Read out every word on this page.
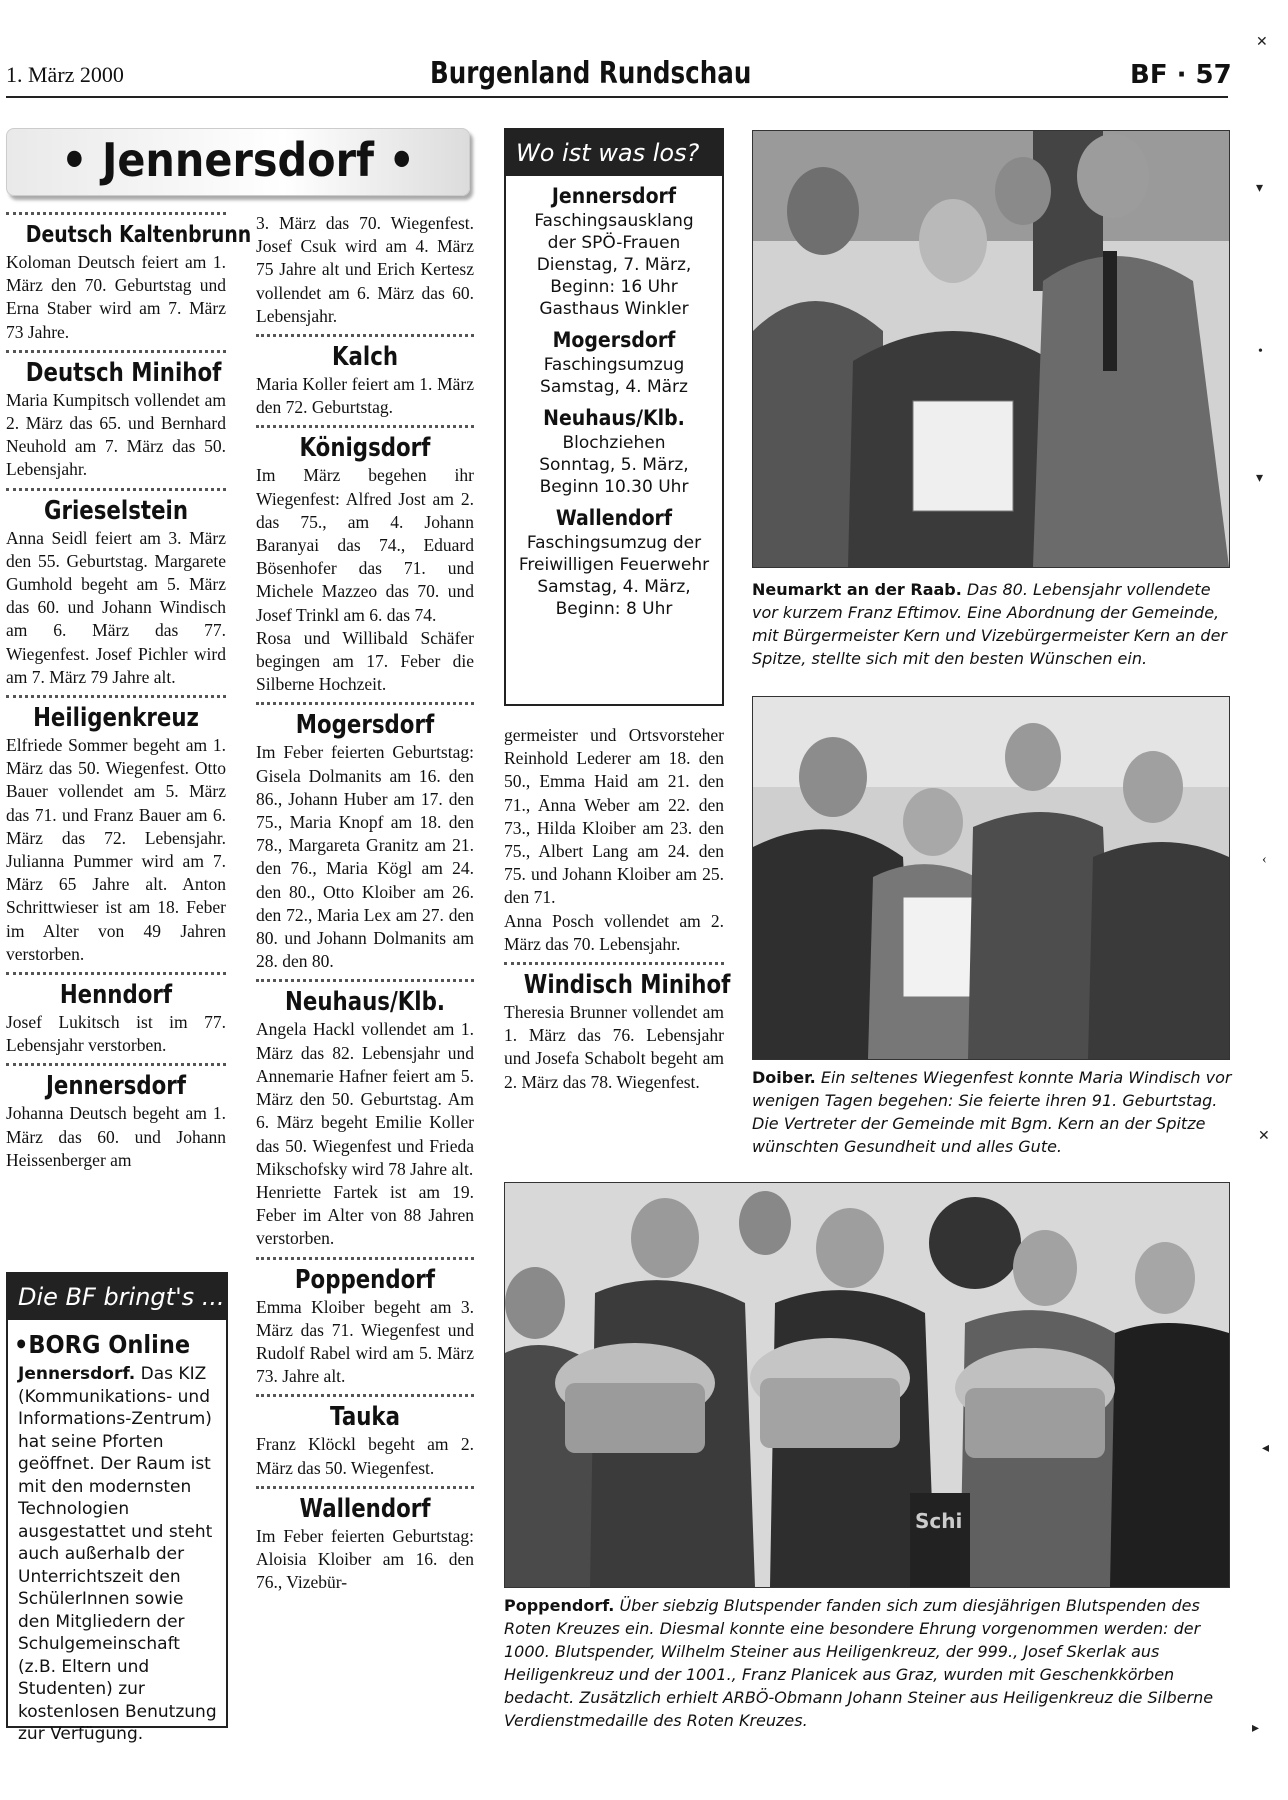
1. März 2000	Burgenland Rundschau	BF · 57
• Jennersdorf •
Deutsch Kaltenbrunn

Koloman Deutsch feiert am 1. März den 70. Geburtstag und Erna Staber wird am 7. März 73 Jahre.

Deutsch Minihof

Maria Kumpitsch vollendet am 2. März das 65. und Bernhard Neuhold am 7. März das 50. Lebensjahr.

Grieselstein

Anna Seidl feiert am 3. März den 55. Geburtstag. Margarete Gumhold begeht am 5. März das 60. und Johann Windisch am 6. März das 77. Wiegenfest. Josef Pichler wird am 7. März 79 Jahre alt.

Heiligenkreuz

Elfriede Sommer begeht am 1. März das 50. Wiegenfest. Otto Bauer vollendet am 5. März das 71. und Franz Bauer am 6. März das 72. Lebensjahr. Julianna Pummer wird am 7. März 65 Jahre alt. Anton Schrittwieser ist am 18. Feber im Alter von 49 Jahren verstorben.

Henndorf

Josef Lukitsch ist im 77. Lebensjahr verstorben.

Jennersdorf

Johanna Deutsch begeht am 1. März das 60. und Johann Heissenberger am

Die BF bringt's ...
•BORG Online

Jennersdorf. Das KIZ (Kommunikations- und Informations-Zentrum) hat seine Pforten geöffnet. Der Raum ist mit den modernsten Technologien ausgestattet und steht auch außerhalb der Unterrichtszeit den SchülerInnen sowie den Mitgliedern der Schulgemeinschaft (z.B. Eltern und Studenten) zur kostenlosen Benutzung zur Verfügung.

3. März das 70. Wiegenfest. Josef Csuk wird am 4. März 75 Jahre alt und Erich Kertesz vollendet am 6. März das 60. Lebensjahr.

Kalch

Maria Koller feiert am 1. März den 72. Geburtstag.

Königsdorf

Im März begehen ihr Wiegenfest: Alfred Jost am 2. das 75., am 4. Johann Baranyai das 74., Eduard Bösenhofer das 71. und Michele Mazzeo das 70. und Josef Trinkl am 6. das 74.

Rosa und Willibald Schäfer begingen am 17. Feber die Silberne Hochzeit.

Mogersdorf

Im Feber feierten Geburtstag: Gisela Dolmanits am 16. den 86., Johann Huber am 17. den 75., Maria Knopf am 18. den 78., Margareta Granitz am 21. den 76., Maria Kögl am 24. den 80., Otto Kloiber am 26. den 72., Maria Lex am 27. den 80. und Johann Dolmanits am 28. den 80.

Neuhaus/Klb.

Angela Hackl vollendet am 1. März das 82. Lebensjahr und Annemarie Hafner feiert am 5. März den 50. Geburtstag. Am 6. März begeht Emilie Koller das 50. Wiegenfest und Frieda Mikschofsky wird 78 Jahre alt.

Henriette Fartek ist am 19. Feber im Alter von 88 Jahren verstorben.

Poppendorf

Emma Kloiber begeht am 3. März das 71. Wiegenfest und Rudolf Rabel wird am 5. März 73. Jahre alt.

Tauka

Franz Klöckl begeht am 2. März das 50. Wiegenfest.

Wallendorf

Im Feber feierten Geburtstag: Aloisia Kloiber am 16. den 76., Vizebür-

Wo ist was los?
Jennersdorf

Faschingsausklang

der SPÖ-Frauen

Dienstag, 7. März,

Beginn: 16 Uhr

Gasthaus Winkler

Mogersdorf

Faschingsumzug

Samstag, 4. März

Neuhaus/Klb.

Blochziehen

Sonntag, 5. März,

Beginn 10.30 Uhr

Wallendorf

Faschingsumzug der

Freiwilligen Feuerwehr

Samstag, 4. März,

Beginn: 8 Uhr

germeister und Ortsvorsteher Reinhold Lederer am 18. den 50., Emma Haid am 21. den 71., Anna Weber am 22. den 73., Hilda Kloiber am 23. den 75., Albert Lang am 24. den 75. und Johann Kloiber am 25. den 71.

Anna Posch vollendet am 2. März das 70. Lebensjahr.

Windisch Minihof

Theresia Brunner vollendet am 1. März das 76. Lebensjahr und Josefa Schabolt begeht am 2. März das 78. Wiegenfest.

Neumarkt an der Raab. Das 80. Lebensjahr vollendete vor kurzem Franz Eftimov. Eine Abordnung der Gemeinde, mit Bürgermeister Kern und Vizebürgermeister Kern an der Spitze, stellte sich mit den besten Wünschen ein.
Doiber. Ein seltenes Wiegenfest konnte Maria Windisch vor wenigen Tagen begehen: Sie feierte ihren 91. Geburtstag. Die Vertreter der Gemeinde mit Bgm. Kern an der Spitze wünschten Gesundheit und alles Gute.
Schi
Poppendorf. Über siebzig Blutspender fanden sich zum diesjährigen Blutspenden des Roten Kreuzes ein. Diesmal konnte eine besondere Ehrung vorgenommen werden: der 1000. Blutspender, Wilhelm Steiner aus Heiligenkreuz, der 999., Josef Skerlak aus Heiligenkreuz und der 1001., Franz Planicek aus Graz, wurden mit Geschenkkörben bedacht. Zusätzlich erhielt ARBÖ-Obmann Johann Steiner aus Heiligenkreuz die Silberne Verdienstmedaille des Roten Kreuzes.
✕
▾
•
▾
‹
✕
◂
▸
